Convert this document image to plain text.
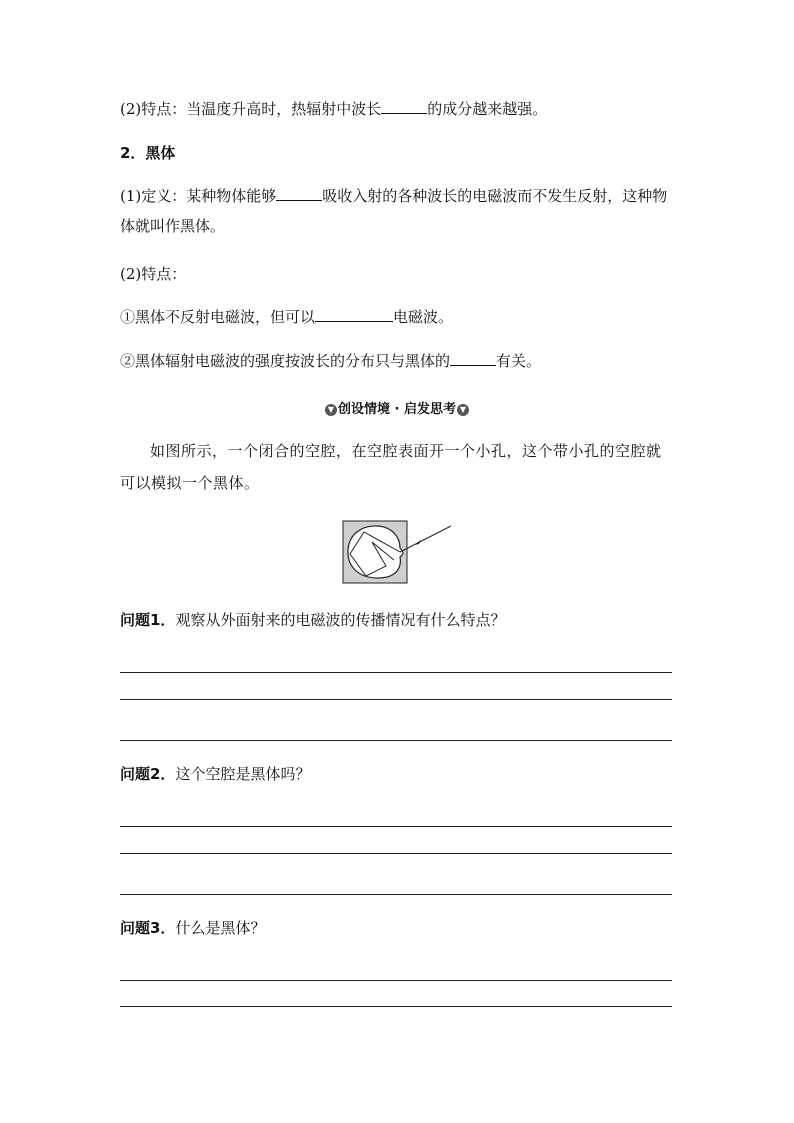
(2)特点：当温度升高时，热辐射中波长	的成分越来越强。
2．黑体
(1)定义：某种物体能够	吸收入射的各种波长的电磁波而不发生反射，这种物体就叫作黑体。
(2)特点：
①黑体不反射电磁波，但可以	电磁波。
②黑体辐射电磁波的强度按波长的分布只与黑体的	有关。
▼ 创设情境 · 启发思考 ▼
如图所示，一个闭合的空腔，在空腔表面开一个小孔，这个带小孔的空腔就可以模拟一个黑体。
问题1．观察从外面射来的电磁波的传播情况有什么特点？
问题2．这个空腔是黑体吗？
问题3．什么是黑体？
